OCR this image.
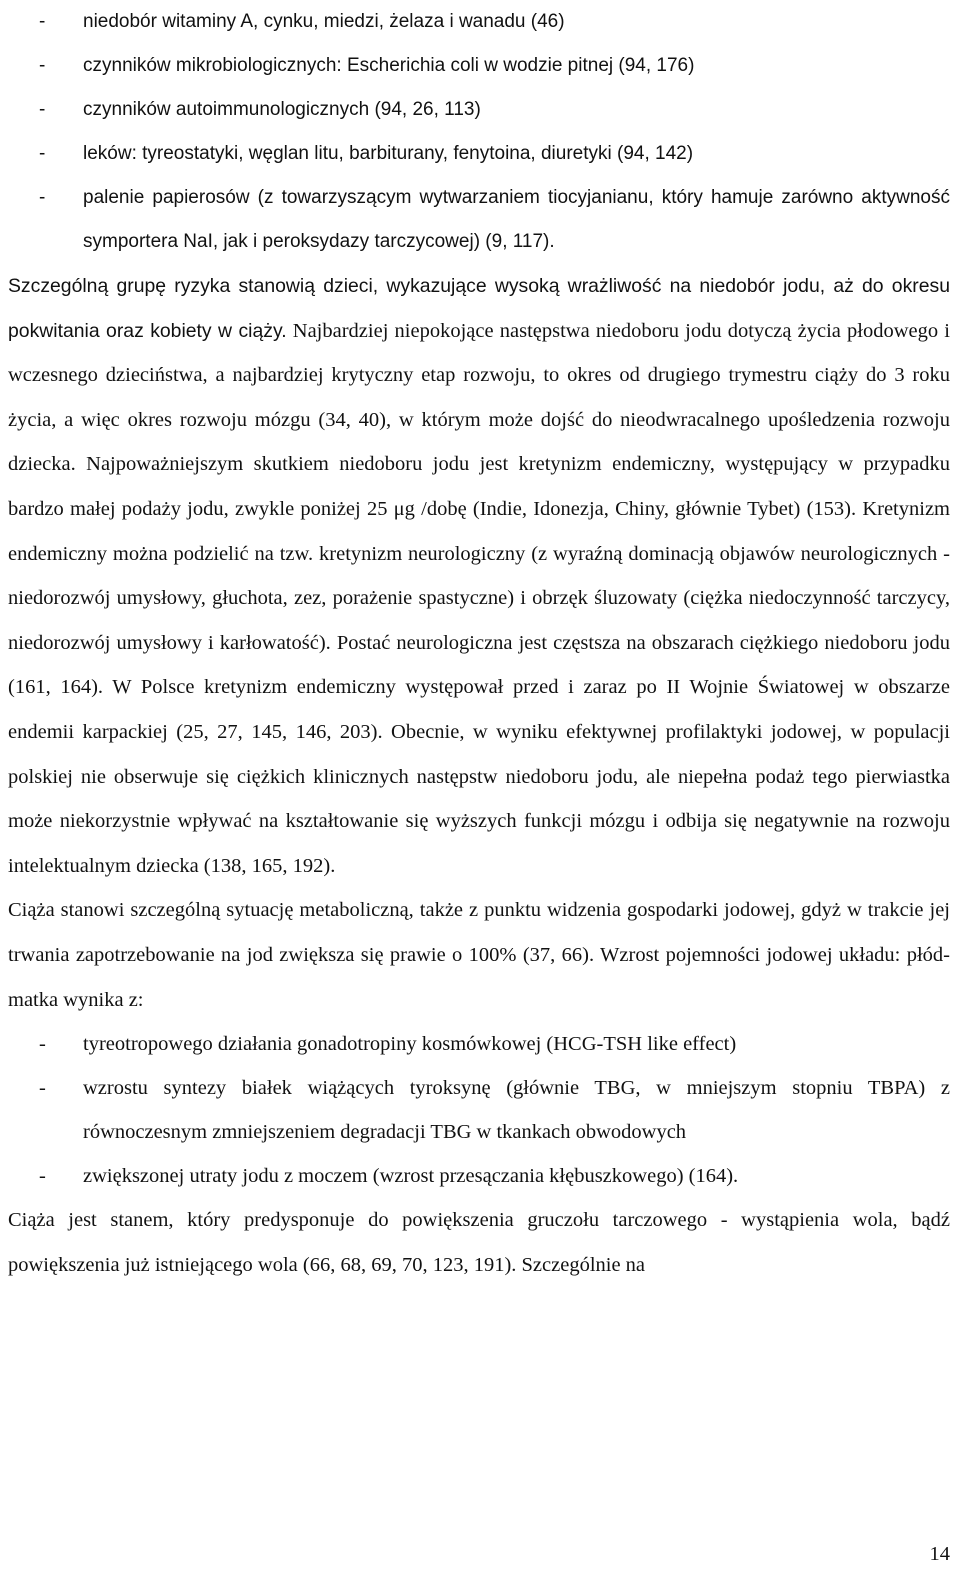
- niedobór witaminy A, cynku, miedzi, żelaza i wanadu (46)
- czynników mikrobiologicznych: Escherichia coli w wodzie pitnej (94, 176)
- czynników autoimmunologicznych (94, 26, 113)
- leków: tyreostatyki, węglan litu, barbiturany, fenytoina, diuretyki (94, 142)
- palenie papierosów (z towarzyszącym wytwarzaniem tiocyjanianu, który hamuje zarówno aktywność symportera NaI, jak i peroksydazy tarczycowej) (9, 117).

Szczególną grupę ryzyka stanowią dzieci, wykazujące wysoką wrażliwość na niedobór jodu, aż do okresu pokwitania oraz kobiety w ciąży. Najbardziej niepokojące następstwa niedoboru jodu dotyczą życia płodowego i wczesnego dzieciństwa, a najbardziej krytyczny etap rozwoju, to okres od drugiego trymestru ciąży do 3 roku życia, a więc okres rozwoju mózgu (34, 40), w którym może dojść do nieodwracalnego upośledzenia rozwoju dziecka. Najpoważniejszym skutkiem niedoboru jodu jest kretynizm endemiczny, występujący w przypadku bardzo małej podaży jodu, zwykle poniżej 25 μg /dobę (Indie, Idonezja, Chiny, głównie Tybet) (153). Kretynizm endemiczny można podzielić na tzw. kretynizm neurologiczny (z wyraźną dominacją objawów neurologicznych - niedorozwój umysłowy, głuchota, zez, porażenie spastyczne) i obrzęk śluzowaty (ciężka niedoczynność tarczycy, niedorozwój umysłowy i karłowatość). Postać neurologiczna jest częstsza na obszarach ciężkiego niedoboru jodu (161, 164). W Polsce kretynizm endemiczny występował przed i zaraz po II Wojnie Światowej w obszarze endemii karpackiej (25, 27, 145, 146, 203). Obecnie, w wyniku efektywnej profilaktyki jodowej, w populacji polskiej nie obserwuje się ciężkich klinicznych następstw niedoboru jodu, ale niepełna podaż tego pierwiastka może niekorzystnie wpływać na kształtowanie się wyższych funkcji mózgu i odbija się negatywnie na rozwoju intelektualnym dziecka (138, 165, 192).

Ciąża stanowi szczególną sytuację metaboliczną, także z punktu widzenia gospodarki jodowej, gdyż w trakcie jej trwania zapotrzebowanie na jod zwiększa się prawie o 100% (37, 66). Wzrost pojemności jodowej układu: płód-matka wynika z:

- tyreotropowego działania gonadotropiny kosmówkowej (HCG-TSH like effect)
- wzrostu syntezy białek wiążących tyroksynę (głównie TBG, w mniejszym stopniu TBPA) z równoczesnym zmniejszeniem degradacji TBG w tkankach obwodowych
- zwiększonej utraty jodu z moczem (wzrost przesączania kłębuszkowego) (164).

Ciąża jest stanem, który predysponuje do powiększenia gruczołu tarczowego - wystąpienia wola, bądź powiększenia już istniejącego wola (66, 68, 69, 70, 123, 191). Szczególnie na

14
